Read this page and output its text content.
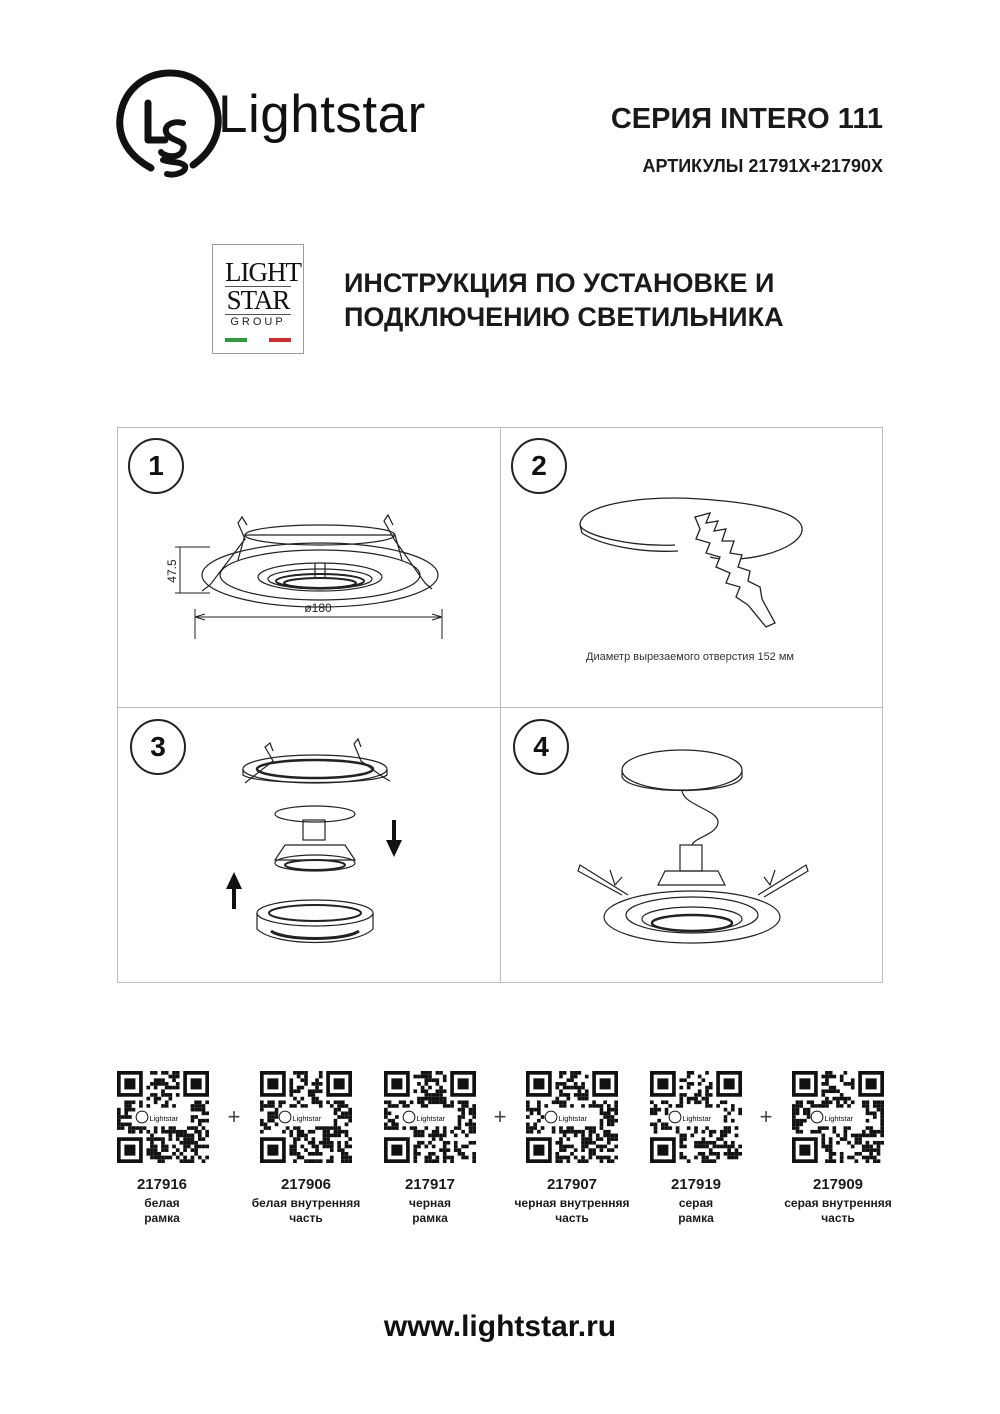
Lightstar	СЕРИЯ INTERO 111
АРТИКУЛЫ 21791X+21790X
LIGHT
STAR
GROUP
ИНСТРУКЦИЯ ПО УСТАНОВКЕ И
ПОДКЛЮЧЕНИЮ СВЕТИЛЬНИКА
1	2
3	4
47.5
ø180
Диаметр вырезаемого отверстия 152 мм
Lightstar
217916
белая
рамка
Lightstar
217906
белая внутренняя
часть
Lightstar
217917
черная
рамка
Lightstar
217907
черная внутренняя
часть
Lightstar
217919
серая
рамка
Lightstar
217909
серая внутренняя
часть
+	+	+
www.lightstar.ru
